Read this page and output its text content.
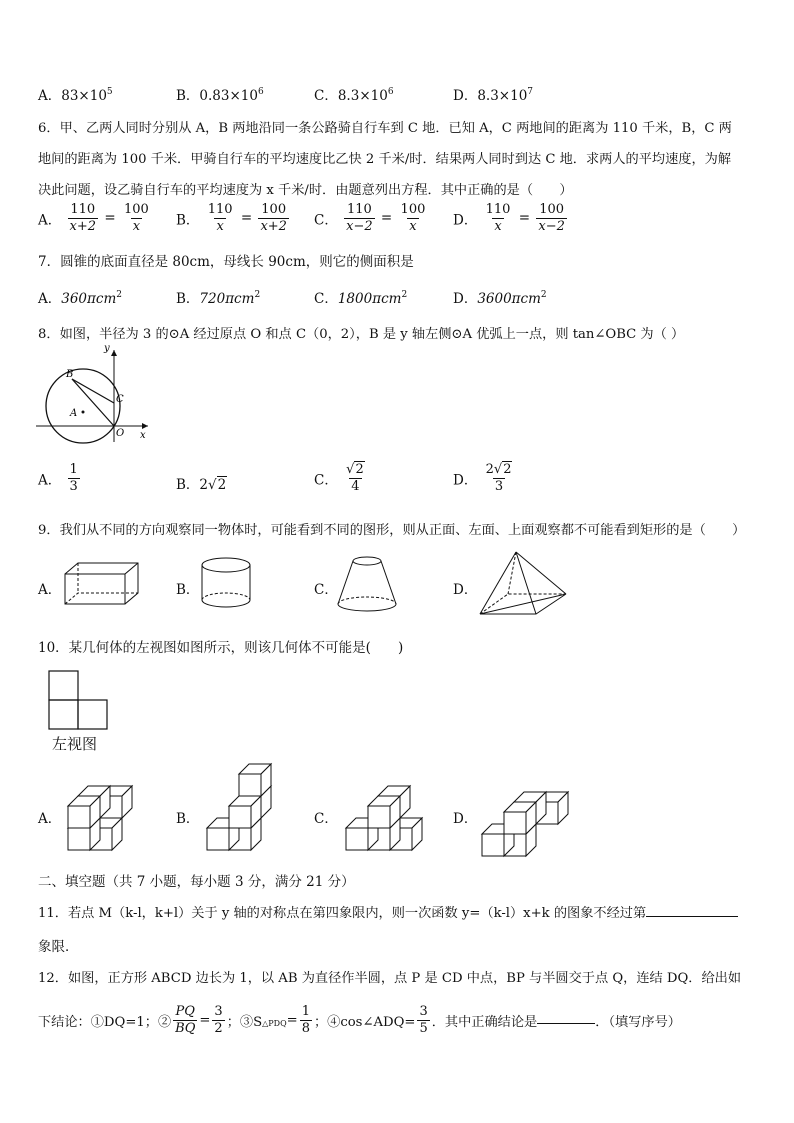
A．$83\times 10^5$	B．$0.83\times 10^6$	C．$8.3\times 10^6$	D．$8.3\times 10^7$
6．甲、乙两人同时分别从 A，B 两地沿同一条公路骑自行车到 C 地．已知 A，C 两地间的距离为 110 千米，B，C 两
地间的距离为 100 千米．甲骑自行车的平均速度比乙快 2 千米/时．结果两人同时到达 C 地．求两人的平均速度，为解
决此问题，设乙骑自行车的平均速度为 x 千米/时．由题意列出方程．其中正确的是（　　）
A． $\frac{110}{x+2} = \frac{100}{x}$ B． $\frac{110}{x} = \frac{100}{x+2}$ C． $\frac{110}{x-2} = \frac{100}{x}$ D． $\frac{110}{x} = \frac{100}{x-2}$
7．圆锥的底面直径是 80cm，母线长 90cm，则它的侧面积是
A．360πcm$^2$	B．720πcm$^2$	C．1800πcm$^2$	D．3600πcm$^2$
8．如图，半径为 3 的⊙A 经过原点 O 和点 C（0，2），B 是 y 轴左侧⊙A 优弧上一点，则 tan∠OBC 为（ ）
y
x
B
C
A
O
A． $\frac{1}{3}$	B．2√2	C． $\frac{√2}{4}$	D． $\frac{2√2}{3}$
9．我们从不同的方向观察同一物体时，可能看到不同的图形，则从正面、左面、上面观察都不可能看到矩形的是（　　）
A．	B．	C．	D．
10．某几何体的左视图如图所示，则该几何体不可能是(　　)
左视图
A．	B．	C．	D．
二、填空题（共 7 小题，每小题 3 分，满分 21 分）
11．若点 M（k-l，k+l）关于 y 轴的对称点在第四象限内，则一次函数 y=（k-l）x+k 的图象不经过第
象限．
12．如图，正方形 ABCD 边长为 1，以 AB 为直径作半圆，点 P 是 CD 中点，BP 与半圆交于点 Q，连结 DQ．给出如
下结论：①DQ=1；② $\frac{PQ}{BQ} = \frac{3}{2}$ ；$③S_{\triangle PDQ}= \frac{1}{8}$ ；④cos∠ADQ= $\frac{3}{5}$ ．其中正确结论是	．（填写序号）
